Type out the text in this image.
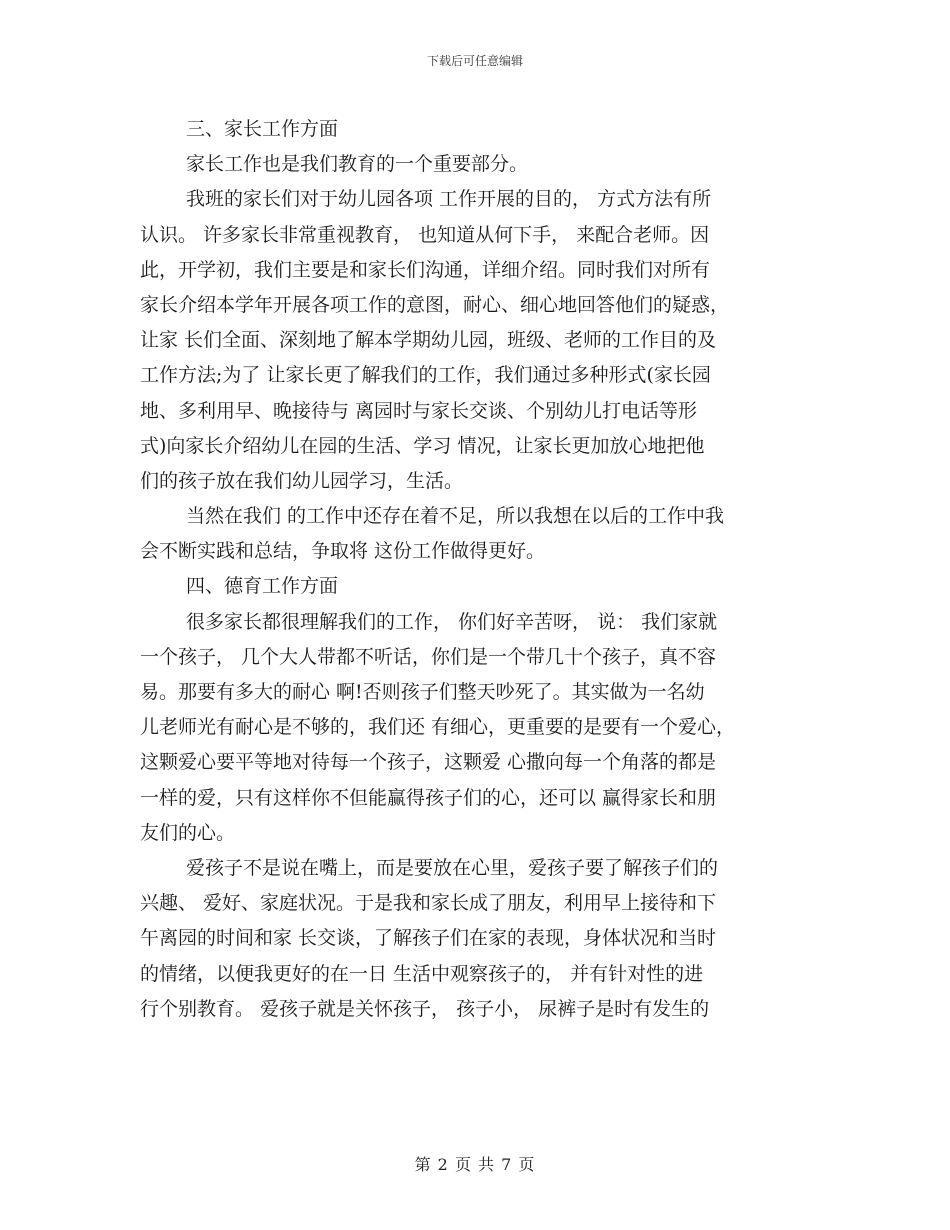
下载后可任意编辑
三、家长工作方面
家长工作也是我们教育的一个重要部分。
我班的家长们对于幼儿园各项 工作开展的目的， 方式方法有所
认识。 许多家长非常重视教育， 也知道从何下手， 来配合老师。因
此，开学初，我们主要是和家长们沟通，详细介绍。同时我们对所有
家长介绍本学年开展各项工作的意图，耐心、细心地回答他们的疑惑，
让家 长们全面、深刻地了解本学期幼儿园，班级、老师的工作目的及
工作方法;为了 让家长更了解我们的工作，我们通过多种形式(家长园
地、多利用早、晚接待与 离园时与家长交谈、个别幼儿打电话等形
式)向家长介绍幼儿在园的生活、学习 情况，让家长更加放心地把他
们的孩子放在我们幼儿园学习，生活。
当然在我们 的工作中还存在着不足，所以我想在以后的工作中我
会不断实践和总结，争取将 这份工作做得更好。
四、德育工作方面
很多家长都很理解我们的工作， 你们好辛苦呀， 说： 我们家就
一个孩子， 几个大人带都不听话，你们是一个带几十个孩子，真不容
易。那要有多大的耐心 啊!否则孩子们整天吵死了。其实做为一名幼
儿老师光有耐心是不够的，我们还 有细心，更重要的是要有一个爱心，
这颗爱心要平等地对待每一个孩子，这颗爱 心撒向每一个角落的都是
一样的爱，只有这样你不但能赢得孩子们的心，还可以 赢得家长和朋
友们的心。
爱孩子不是说在嘴上，而是要放在心里，爱孩子要了解孩子们的
兴趣、 爱好、家庭状况。于是我和家长成了朋友，利用早上接待和下
午离园的时间和家 长交谈，了解孩子们在家的表现，身体状况和当时
的情绪，以便我更好的在一日 生活中观察孩子的， 并有针对性的进
行个别教育。 爱孩子就是关怀孩子， 孩子小， 尿裤子是时有发生的
第 2 页 共 7 页
